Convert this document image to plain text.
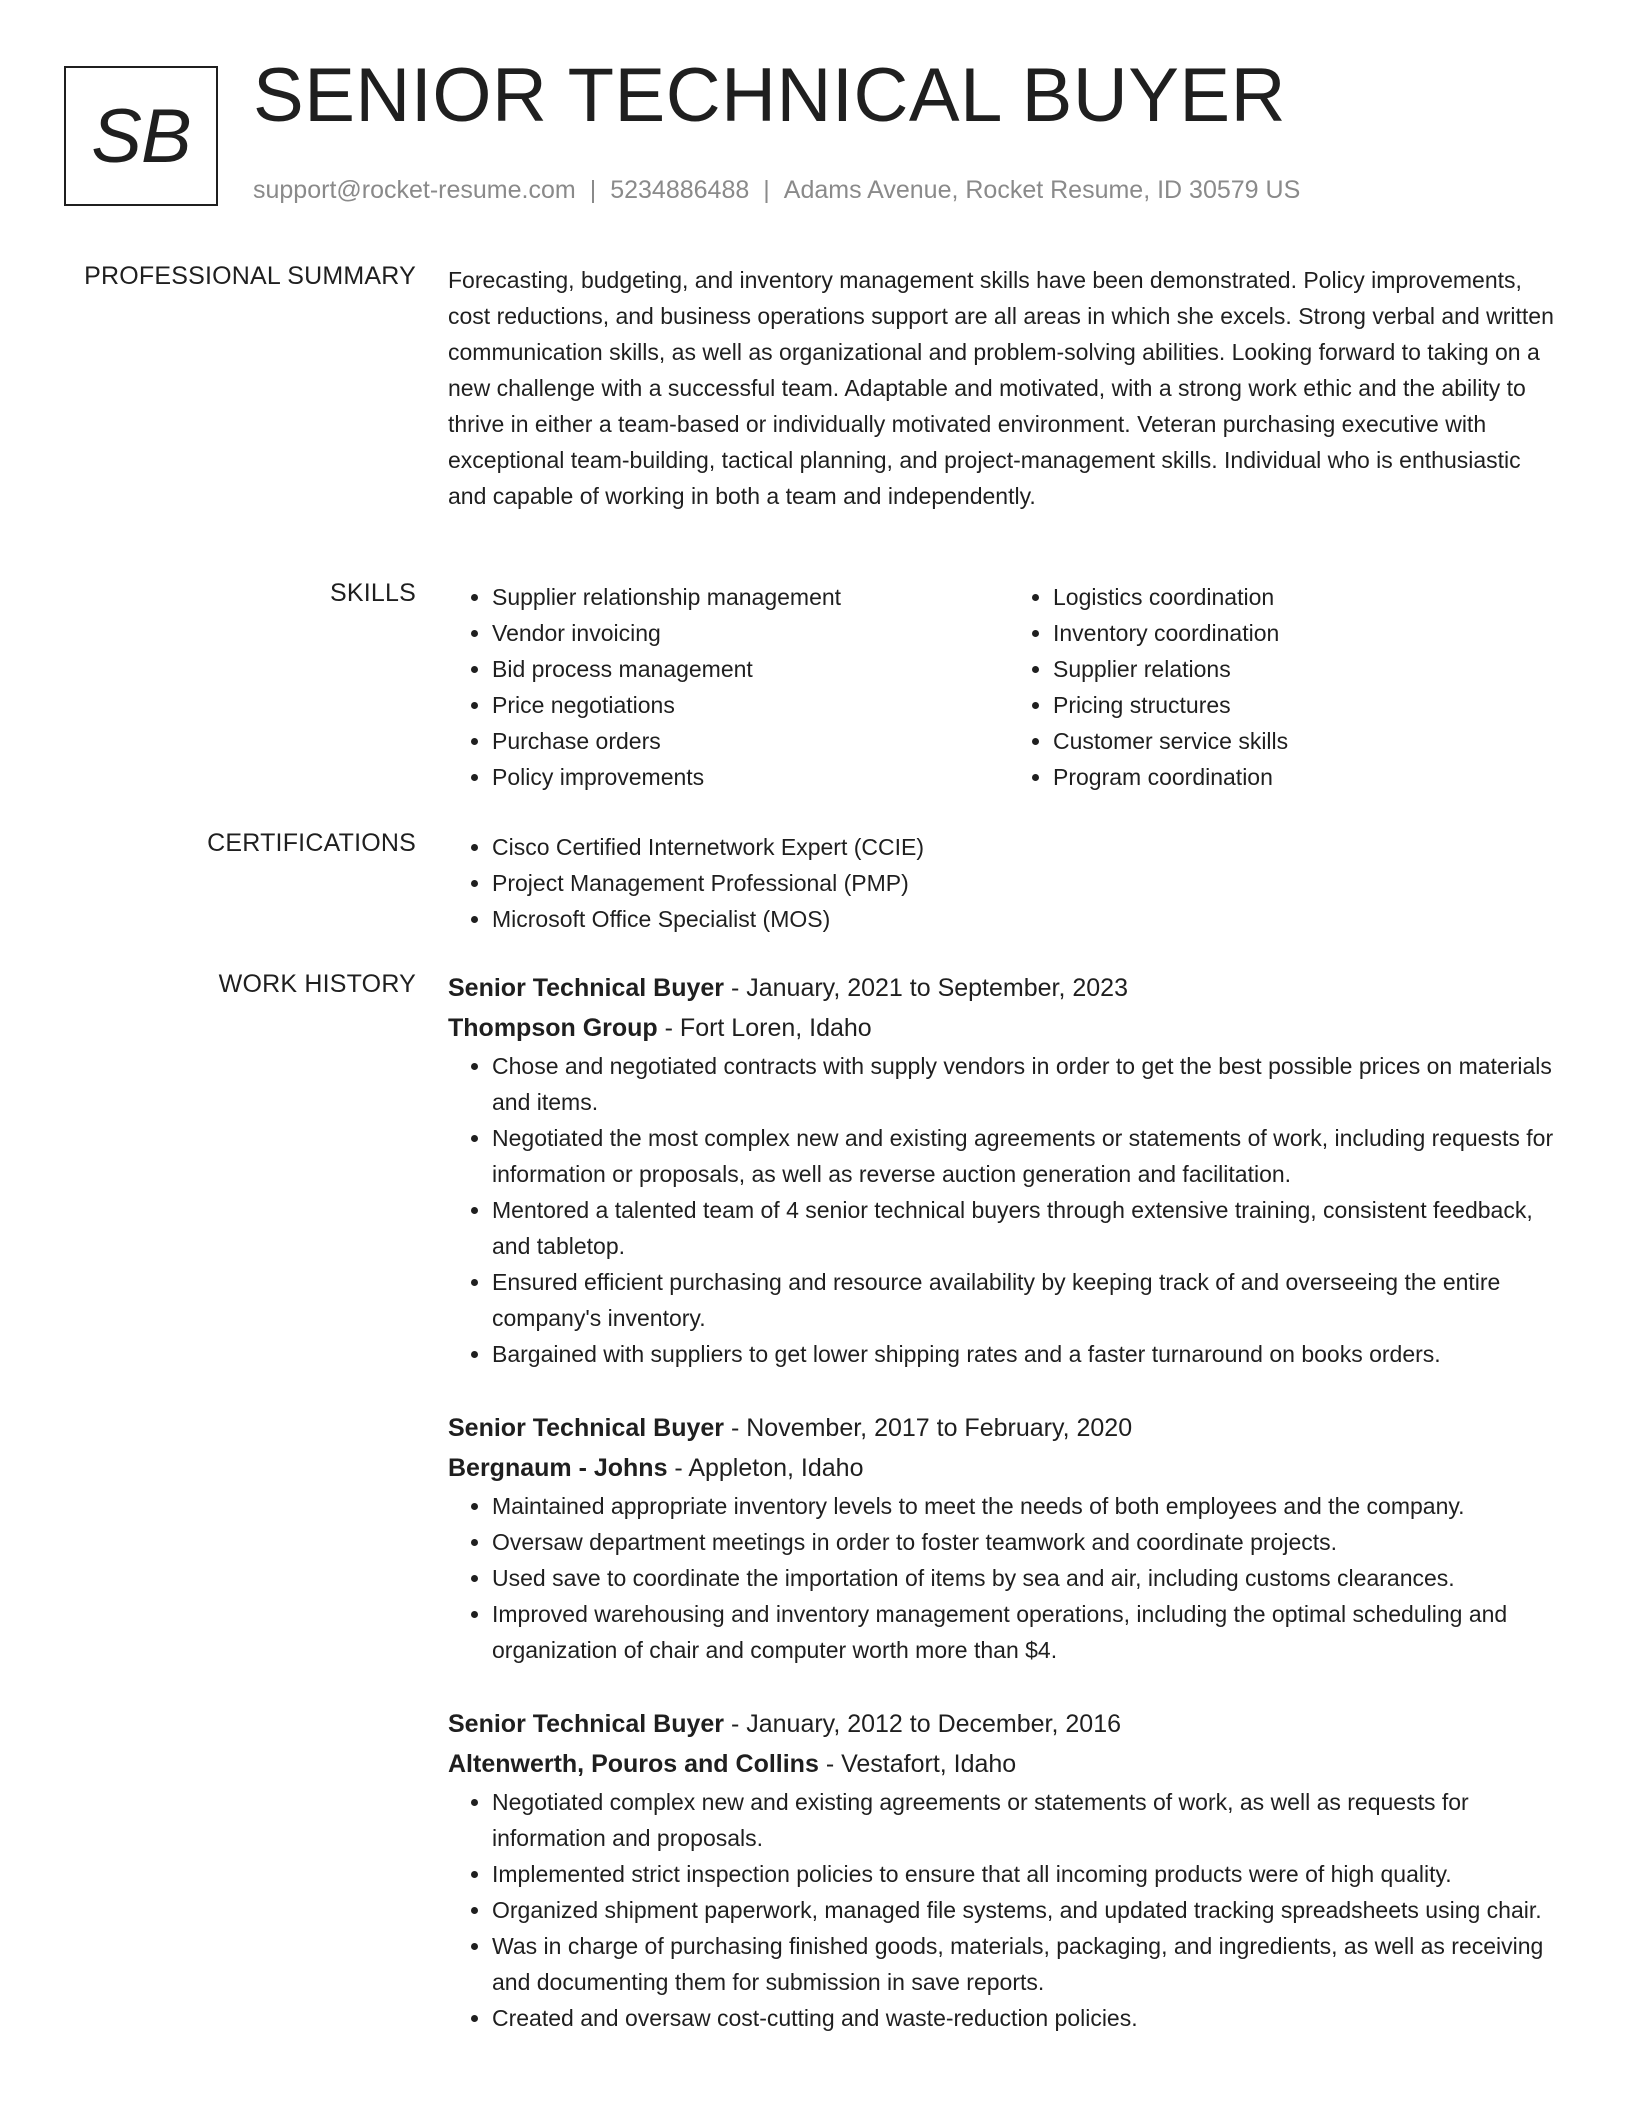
SB SENIOR TECHNICAL BUYER
support@rocket-resume.com | 5234886488 | Adams Avenue, Rocket Resume, ID 30579 US
PROFESSIONAL SUMMARY Forecasting, budgeting, and inventory management skills have been demonstrated. Policy improvements, cost reductions, and business operations support are all areas in which she excels. Strong verbal and written communication skills, as well as organizational and problem-solving abilities. Looking forward to taking on a new challenge with a successful team. Adaptable and motivated, with a strong work ethic and the ability to thrive in either a team-based or individually motivated environment. Veteran purchasing executive with exceptional team-building, tactical planning, and project-management skills. Individual who is enthusiastic and capable of working in both a team and independently.

SKILLS	• Supplier relationship management
• Vendor invoicing
• Bid process management
• Price negotiations
• Purchase orders
• Policy improvements
• Logistics coordination
• Inventory coordination
• Supplier relations
• Pricing structures
• Customer service skills
• Program coordination
CERTIFICATIONS	• Cisco Certified Internetwork Expert (CCIE)
• Project Management Professional (PMP)
• Microsoft Office Specialist (MOS)
WORK HISTORY Senior Technical Buyer - January, 2021 to September, 2023
Thompson Group - Fort Loren, Idaho
• Chose and negotiated contracts with supply vendors in order to get the best possible prices on materials and items.
• Negotiated the most complex new and existing agreements or statements of work, including requests for information or proposals, as well as reverse auction generation and facilitation.
• Mentored a talented team of 4 senior technical buyers through extensive training, consistent feedback, and tabletop.
• Ensured efficient purchasing and resource availability by keeping track of and overseeing the entire company's inventory.
• Bargained with suppliers to get lower shipping rates and a faster turnaround on books orders.
Senior Technical Buyer - November, 2017 to February, 2020
Bergnaum - Johns - Appleton, Idaho
• Maintained appropriate inventory levels to meet the needs of both employees and the company.
• Oversaw department meetings in order to foster teamwork and coordinate projects.
• Used save to coordinate the importation of items by sea and air, including customs clearances.
• Improved warehousing and inventory management operations, including the optimal scheduling and organization of chair and computer worth more than $4.
Senior Technical Buyer - January, 2012 to December, 2016
Altenwerth, Pouros and Collins - Vestafort, Idaho
• Negotiated complex new and existing agreements or statements of work, as well as requests for information and proposals.
• Implemented strict inspection policies to ensure that all incoming products were of high quality.
• Organized shipment paperwork, managed file systems, and updated tracking spreadsheets using chair.
• Was in charge of purchasing finished goods, materials, packaging, and ingredients, as well as receiving and documenting them for submission in save reports.
• Created and oversaw cost-cutting and waste-reduction policies.
